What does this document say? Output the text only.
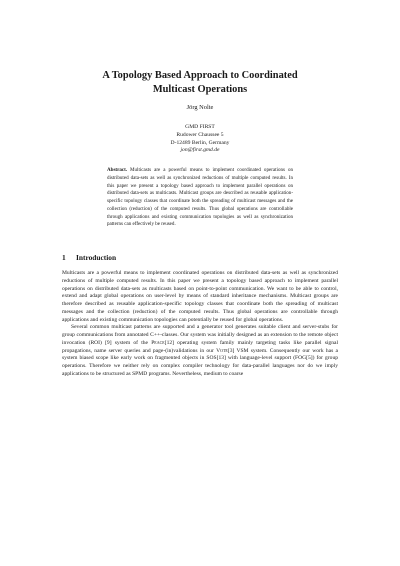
A Topology Based Approach to Coordinated
Multicast Operations
Jörg Nolte
GMD FIRST
Rudower Chaussee 5
D-12489 Berlin, Germany
jon@first.gmd.de
Abstract. Multicasts are a powerful means to implement coordinated operations on distributed data-sets as well as synchronized reductions of multiple computed results. In this paper we present a topology based approach to implement parallel operations on distributed data-sets as multicasts. Multicast groups are described as reusable application-specific topology classes that coordinate both the spreading of multicast messages and the collection (reduction) of the computed results. Thus global operations are controllable through applications and existing communication topologies as well as synchronization patterns can effectively be reused.
1 Introduction

Multicasts are a powerful means to implement coordinated operations on distributed data-sets as well as synchronized reductions of multiple computed results. In this paper we present a topology based approach to implement parallel operations on distributed data-sets as multicasts based on point-to-point communication. We want to be able to control, extend and adapt global operations on user-level by means of standard inheritance mechanisms. Multicast groups are therefore described as reusable application-specific topology classes that coordinate both the spreading of multicast messages and the collection (reduction) of the computed results. Thus global operations are controllable through applications and existing communication topologies can potentially be reused for global operations.

Several common multicast patterns are supported and a generator tool generates suitable client and server-stubs for group communications from annotated C++-classes. Our system was initially designed as an extension to the remote object invocation (ROI) [9] system of the Peace[12] operating system family mainly targeting tasks like parallel signal propagations, name server queries and page-(in)validations in our Vote[3] VSM system. Consequently our work has a system biased scope like early work on fragmented objects in SOS[13] with language-level support (FOG[5]) for group operations. Therefore we neither rely on complex compiler technology for data-parallel languages nor do we imply applications to be structured as SPMD programs. Nevertheless, medium to coarse
